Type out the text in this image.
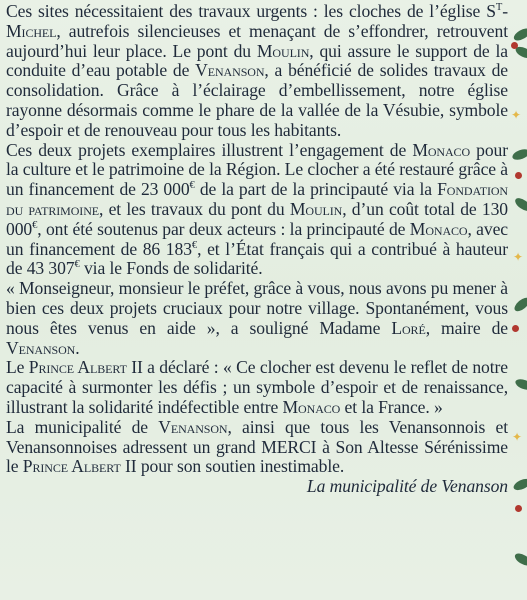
Ces sites nécessitaient des travaux urgents : les cloches de l’église $S^T$-Michel, autrefois silencieuses et menaçant de s’effondrer, retrouvent aujourd’hui leur place. Le pont du Moulin, qui assure le support de la conduite d’eau potable de Venanson, a bénéficié de solides travaux de consolidation. Grâce à l’éclairage d’embellissement, notre église rayonne désormais comme le phare de la vallée de la Vésubie, symbole d’espoir et de renouveau pour tous les habitants.

Ces deux projets exemplaires illustrent l’engagement de Monaco pour la culture et le patrimoine de la Région. Le clocher a été restauré grâce à un financement de 23 000€ de la part de la principauté via la Fondation du patrimoine, et les travaux du pont du Moulin, d’un coût total de 130 000€, ont été soutenus par deux acteurs : la principauté de Monaco, avec un financement de 86 183€, et l’État français qui a contribué à hauteur de 43 307€ via le Fonds de solidarité.

« Monseigneur, monsieur le préfet, grâce à vous, nous avons pu mener à bien ces deux projets cruciaux pour notre village. Spontanément, vous nous êtes venus en aide », a souligné Madame Loré, maire de Venanson.

Le Prince Albert II a déclaré : « Ce clocher est devenu le reflet de notre capacité à surmonter les défis ; un symbole d’espoir et de renaissance, illustrant la solidarité indéfectible entre Monaco et la France. »

La municipalité de Venanson, ainsi que tous les Venansonnois et Venansonnoises adressent un grand MERCI à Son Altesse Sérénissime le Prince Albert II pour son soutien inestimable.

La municipalité de Venanson

✦
✦
✦
